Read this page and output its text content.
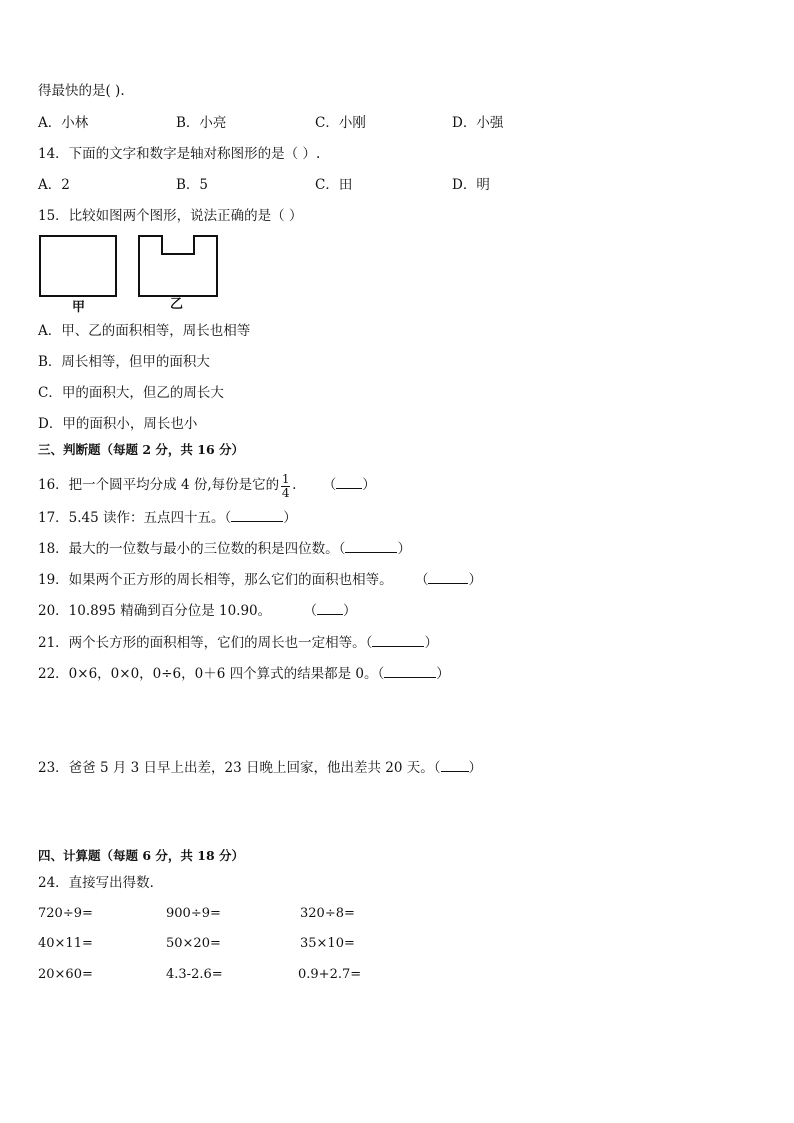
得最快的是( ).
A．小林	B．小亮	C．小刚	D．小强
14．下面的文字和数字是轴对称图形的是（ ）.
A．2	B．5	C．田	D．明
15．比较如图两个图形，说法正确的是（ ）
甲	乙
A．甲、乙的面积相等，周长也相等
B．周长相等，但甲的面积大
C．甲的面积大，但乙的周长大
D．甲的面积小，周长也小
三、判断题（每题 2 分，共 16 分）
16．把一个圆平均分成 4 份,每份是它的 $\frac{1}{4}$ . （ ）
17．5.45 读作：五点四十五。（	）
18．最大的一位数与最小的三位数的积是四位数。（	）
19．如果两个正方形的周长相等，那么它们的面积也相等。 （	）
20．10.895 精确到百分位是 10.90。 （ ）
21．两个长方形的面积相等，它们的周长也一定相等。（	）
22．0×6，0×0，0÷6，0＋6 四个算式的结果都是 0。（	）
23．爸爸 5 月 3 日早上出差，23 日晚上回家，他出差共 20 天。（ ）
四、计算题（每题 6 分，共 18 分）
24．直接写出得数．
720÷9=	900÷9=	320÷8=
40×11=	50×20=	35×10=
20×60=	4.3-2.6=	0.9+2.7=
